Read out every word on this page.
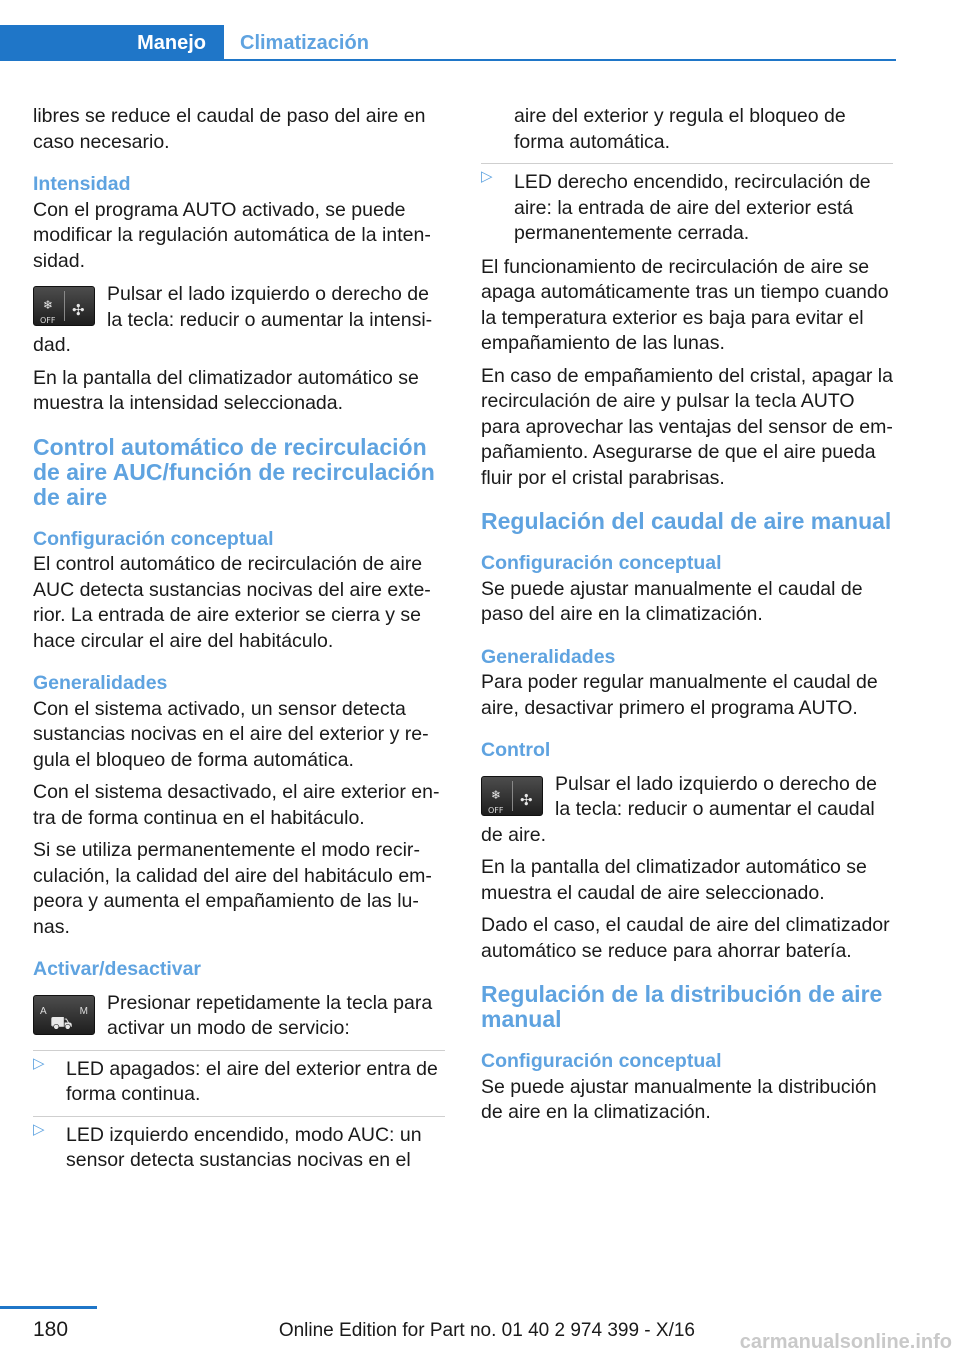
Manejo	Climatización

libres se reduce el caudal de paso del aire en caso necesario.

Intensidad

Con el programa AUTO activado, se puede modificar la regulación automática de la intensidad.

❄
OFF
✣

Pulsar el lado izquierdo o derecho de la tecla: reducir o aumentar la intensidad.

En la pantalla del climatizador automático se muestra la intensidad seleccionada.

Control automático de recirculación de aire AUC/función de recirculación de aire
Configuración conceptual

El control automático de recirculación de aire AUC detecta sustancias nocivas del aire exterior. La entrada de aire exterior se cierra y se hace circular el aire del habitáculo.

Generalidades

Con el sistema activado, un sensor detecta sustancias nocivas en el aire del exterior y regula el bloqueo de forma automática.

Con el sistema desactivado, el aire exterior entra de forma continua en el habitáculo.

Si se utiliza permanentemente el modo recirculación, la calidad del aire del habitáculo empeora y aumenta el empañamiento de las lunas.

Activar/desactivar
A	M
⛟

Presionar repetidamente la tecla para activar un modo de servicio:

▷ LED apagados: el aire del exterior entra de forma continua.
▷ LED izquierdo encendido, modo AUC: un sensor detecta sustancias nocivas en el

aire del exterior y regula el bloqueo de forma automática.

▷ LED derecho encendido, recirculación de aire: la entrada de aire del exterior está permanentemente cerrada.

El funcionamiento de recirculación de aire se apaga automáticamente tras un tiempo cuando la temperatura exterior es baja para evitar el empañamiento de las lunas.

En caso de empañamiento del cristal, apagar la recirculación de aire y pulsar la tecla AUTO para aprovechar las ventajas del sensor de empañamiento. Asegurarse de que el aire pueda fluir por el cristal parabrisas.

Regulación del caudal de aire manual
Configuración conceptual

Se puede ajustar manualmente el caudal de paso del aire en la climatización.

Generalidades

Para poder regular manualmente el caudal de aire, desactivar primero el programa AUTO.

Control
❄
OFF
✣

Pulsar el lado izquierdo o derecho de la tecla: reducir o aumentar el caudal de aire.

En la pantalla del climatizador automático se muestra el caudal de aire seleccionado.

Dado el caso, el caudal de aire del climatizador automático se reduce para ahorrar batería.

Regulación de la distribución de aire manual
Configuración conceptual

Se puede ajustar manualmente la distribución de aire en la climatización.

180	Online Edition for Part no. 01 40 2 974 399 - X/16
carmanualsonline.info
